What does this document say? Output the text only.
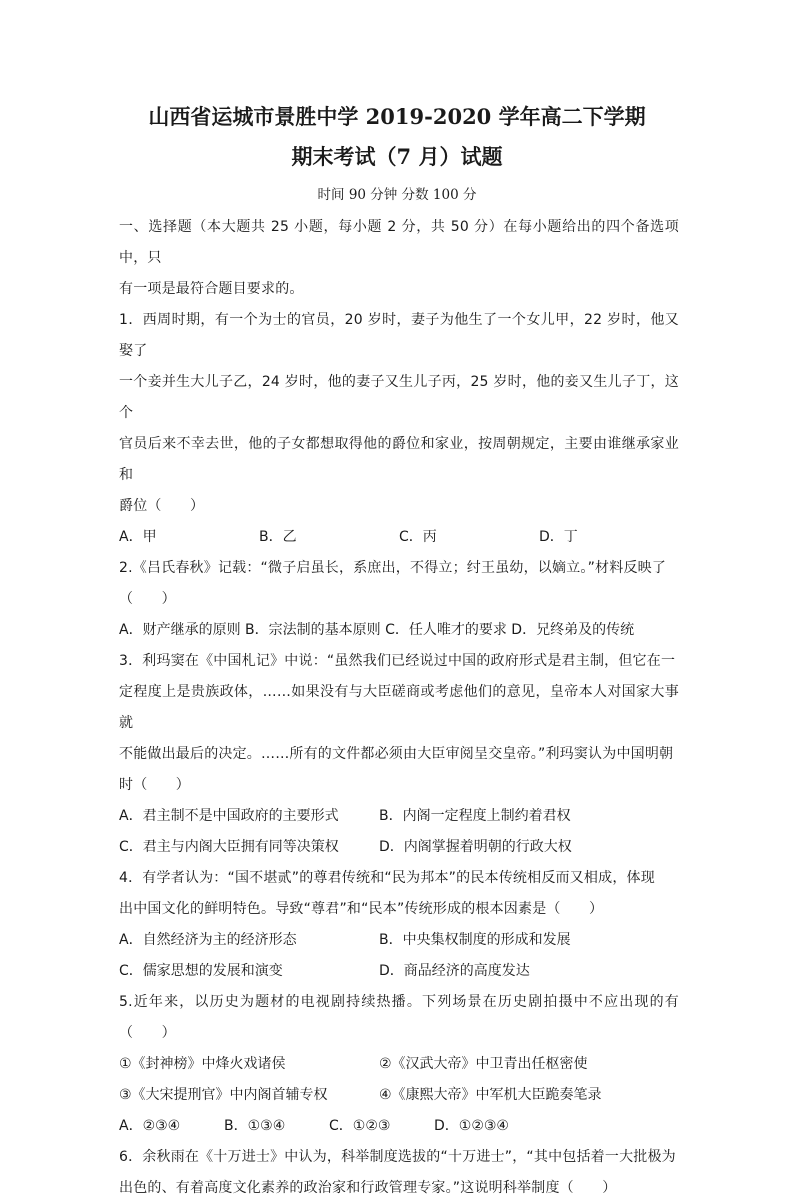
山西省运城市景胜中学 2019-2020 学年高二下学期
期末考试（7 月）试题
时间 90 分钟 分数 100 分

一、选择题（本大题共 25 小题，每小题 2 分，共 50 分）在每小题给出的四个备选项中，只

有一项是最符合题目要求的。

1．西周时期，有一个为士的官员，20 岁时，妻子为他生了一个女儿甲，22 岁时，他又娶了

一个妾并生大儿子乙，24 岁时，他的妻子又生儿子丙，25 岁时，他的妾又生儿子丁，这个

官员后来不幸去世，他的子女都想取得他的爵位和家业，按周朝规定，主要由谁继承家业和

爵位（　　）

A．甲	B．乙	C．丙	D．丁

2.《吕氏春秋》记载：“微子启虽长，系庶出，不得立；纣王虽幼，以嫡立。”材料反映了

（　　）

A．财产继承的原则 B．宗法制的基本原则 C．任人唯才的要求 D．兄终弟及的传统

3．利玛窦在《中国札记》中说：“虽然我们已经说过中国的政府形式是君主制，但它在一

定程度上是贵族政体，……如果没有与大臣磋商或考虑他们的意见，皇帝本人对国家大事就

不能做出最后的决定。……所有的文件都必须由大臣审阅呈交皇帝。”利玛窦认为中国明朝

时（　　）

A．君主制不是中国政府的主要形式	B．内阁一定程度上制约着君权
C．君主与内阁大臣拥有同等决策权	D．内阁掌握着明朝的行政大权

4．有学者认为：“国不堪贰”的尊君传统和“民为邦本”的民本传统相反而又相成，体现

出中国文化的鲜明特色。导致“尊君”和“民本”传统形成的根本因素是（　　）

A．自然经济为主的经济形态	B．中央集权制度的形成和发展
C．儒家思想的发展和演变	D．商品经济的高度发达

5.近年来，以历史为题材的电视剧持续热播。下列场景在历史剧拍摄中不应出现的有（　　）

①《封神榜》中烽火戏诸侯	②《汉武大帝》中卫青出任枢密使
③《大宋提刑官》中内阁首辅专权	④《康熙大帝》中军机大臣跪奏笔录
A．②③④	B．①③④	C．①②③	D．①②③④

6．余秋雨在《十万进士》中认为，科举制度选拔的“十万进士”，“其中包括着一大批极为

出色的、有着高度文化素养的政治家和行政管理专家。”这说明科举制度（　　）
